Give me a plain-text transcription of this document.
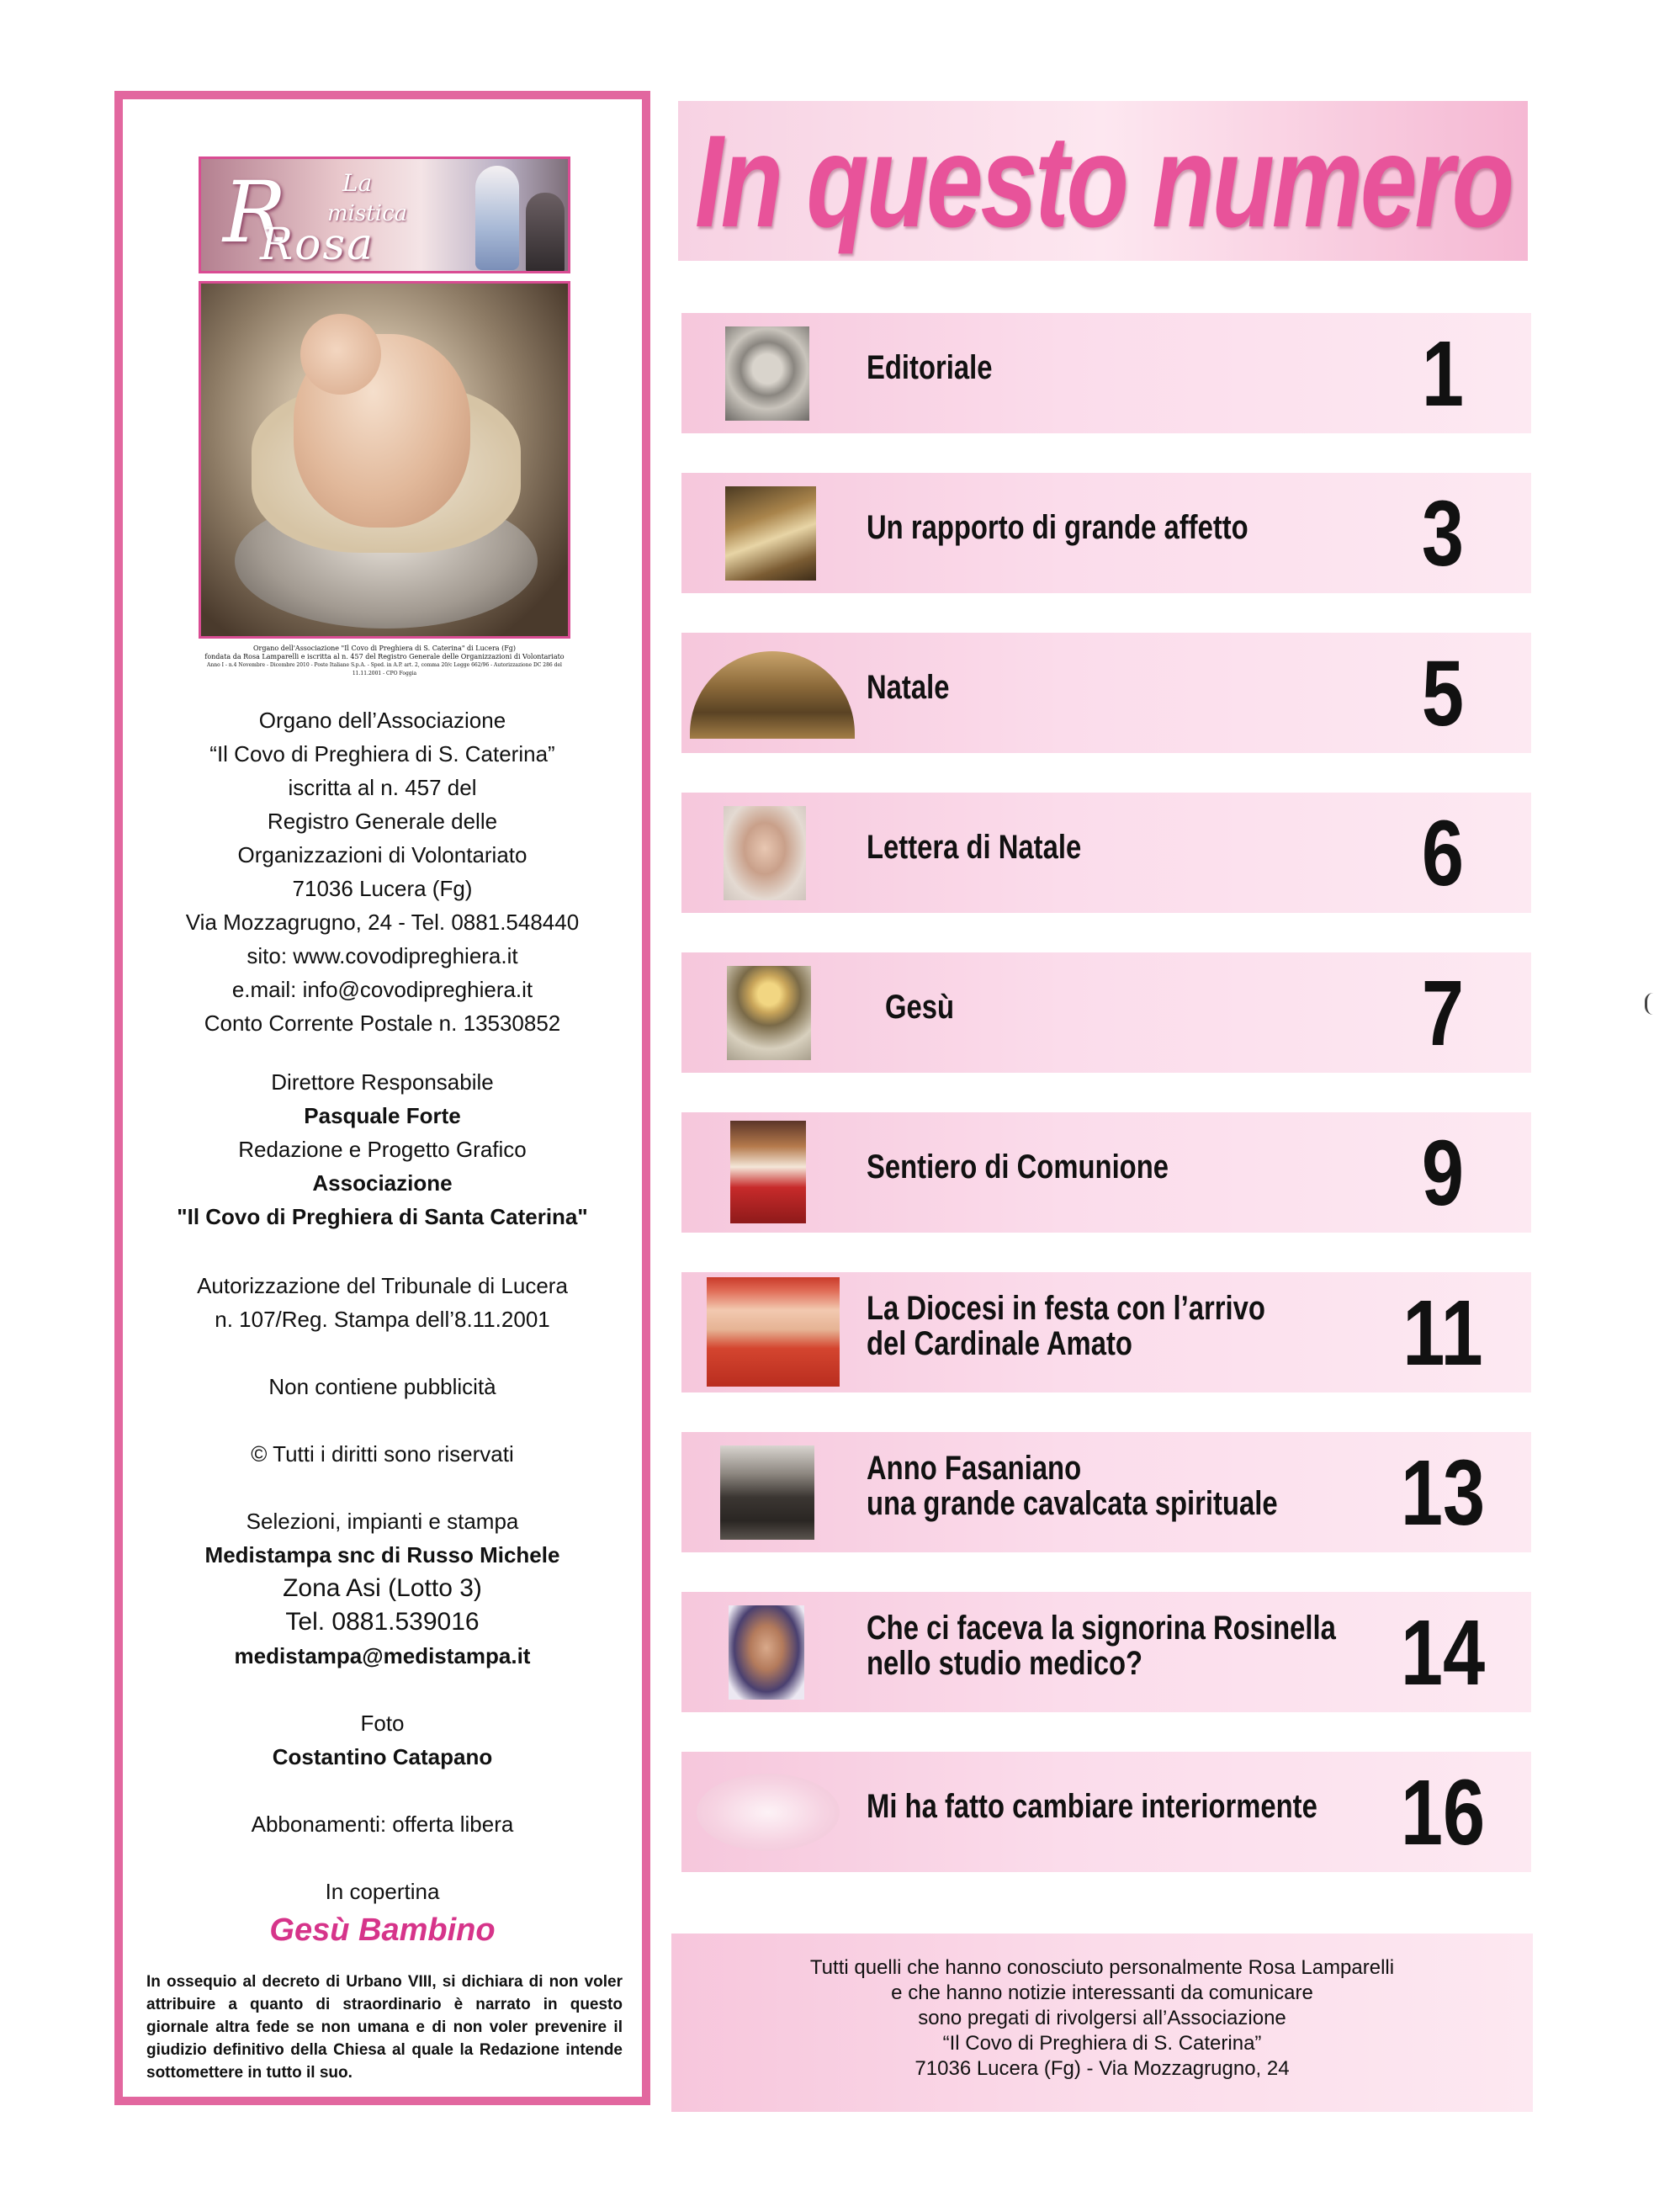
R La
mistica
Rosa
Organo dell'Associazione "Il Covo di Preghiera di S. Caterina" di Lucera (Fg)
fondata da Rosa Lamparelli e iscritta al n. 457 del Registro Generale delle Organizzazioni di Volontariato
Anno I - n.4 Novembre - Dicembre 2010 - Poste Italiane S.p.A. - Sped. in A.P. art. 2, comma 20/c Legge 662/96 - Autorizzazione DC 286 del 11.11.2001 - CPO Foggia
Organo dell’Associazione
“Il Covo di Preghiera di S. Caterina”
iscritta al n. 457 del
Registro Generale delle
Organizzazioni di Volontariato
71036 Lucera (Fg)
Via Mozzagrugno, 24 - Tel. 0881.548440
sito: www.covodipreghiera.it
e.mail: info@covodipreghiera.it
Conto Corrente Postale n. 13530852
Direttore Responsabile
Pasquale Forte
Redazione e Progetto Grafico
Associazione
"Il Covo di Preghiera di Santa Caterina"
Autorizzazione del Tribunale di Lucera
n. 107/Reg. Stampa dell’8.11.2001
Non contiene pubblicità
© Tutti i diritti sono riservati
Selezioni, impianti e stampa
Medistampa snc di Russo Michele
Zona Asi (Lotto 3)
Tel. 0881.539016
medistampa@medistampa.it
Foto
Costantino Catapano
Abbonamenti: offerta libera
In copertina
Gesù Bambino
In ossequio al decreto di Urbano VIII, si dichiara di non voler attribuire a quanto di straordinario è narrato in questo giornale altra fede se non umana e di non voler prevenire il giudizio definitivo della Chiesa al quale la Redazione intende sottomettere in tutto il suo.
In questo numero
Editoriale	1
Un rapporto di grande affetto 3
Natale	5
Lettera di Natale	6
Gesù	7
Sentiero di Comunione	9
La Diocesi in festa con l’arrivo
del Cardinale Amato	11
Anno Fasaniano
una grande cavalcata spirituale 13
Che ci faceva la signorina Rosinella
nello studio medico?	14
Mi ha fatto cambiare interiormente 16
Tutti quelli che hanno conosciuto personalmente Rosa Lamparelli
e che hanno notizie interessanti da comunicare
sono pregati di rivolgersi all’Associazione
“Il Covo di Preghiera di S. Caterina”
71036 Lucera (Fg) - Via Mozzagrugno, 24
